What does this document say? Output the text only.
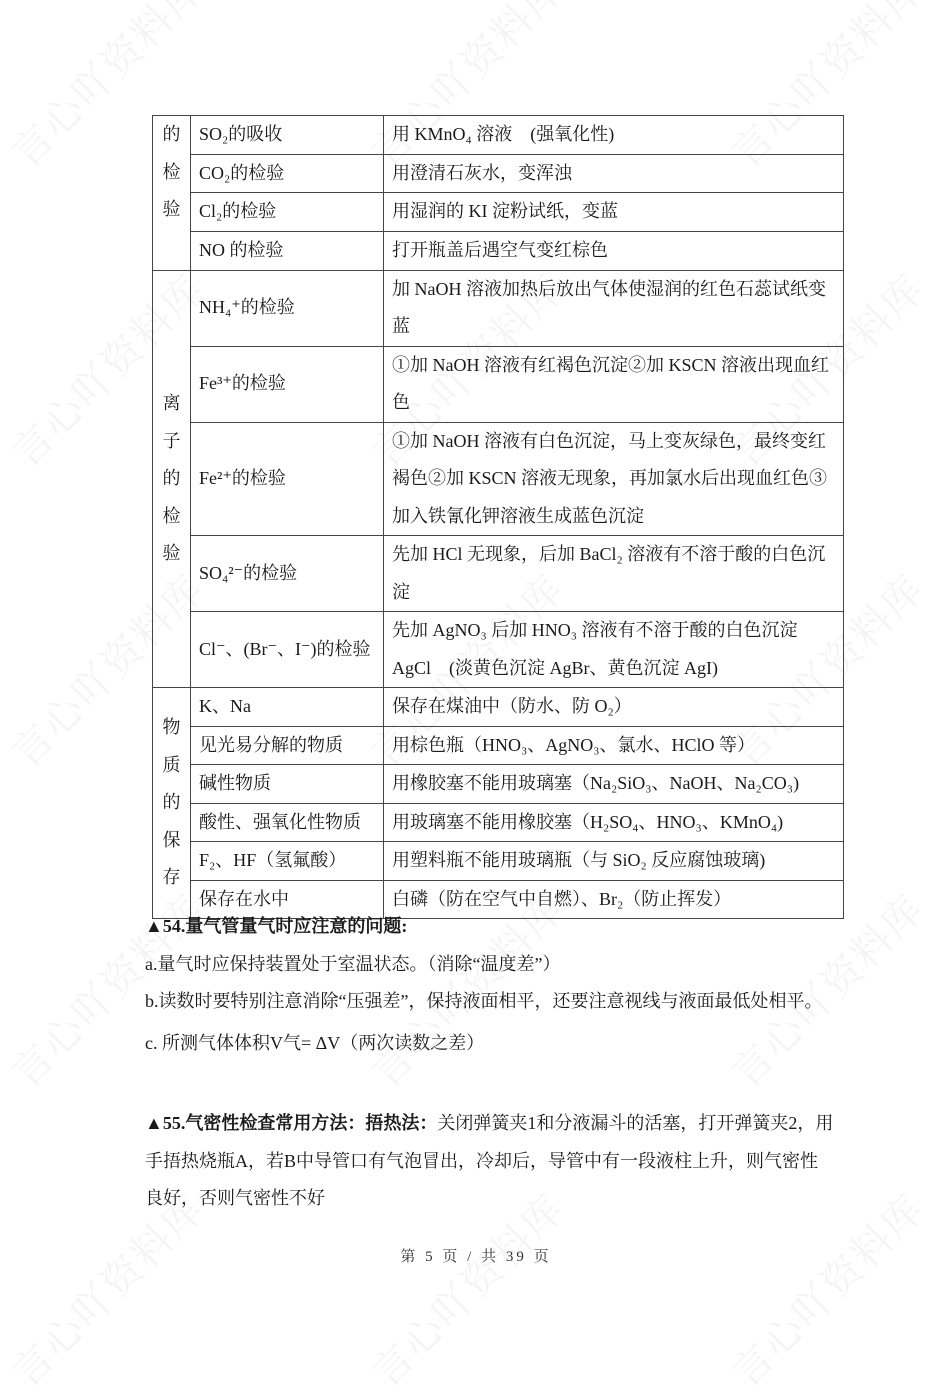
的
检
验	SO₂的吸收	用 KMnO₄ 溶液　(强氧化性)
	CO₂的检验	用澄清石灰水，变浑浊
	Cl₂的检验	用湿润的 KI 淀粉试纸，变蓝
	NO 的检验	打开瓶盖后遇空气变红棕色

离
子
的
检
验	NH₄⁺的检验	加 NaOH 溶液加热后放出气体使湿润的红色石蕊试纸变蓝
	Fe³⁺的检验	①加 NaOH 溶液有红褐色沉淀②加 KSCN 溶液出现血红色
	Fe²⁺的检验	①加 NaOH 溶液有白色沉淀，马上变灰绿色，最终变红褐色②加 KSCN 溶液无现象，再加氯水后出现血红色③加入铁氰化钾溶液生成蓝色沉淀
	SO₄²⁻的检验	先加 HCl 无现象，后加 BaCl₂ 溶液有不溶于酸的白色沉淀
	Cl⁻、(Br⁻、I⁻)的检验	先加 AgNO₃ 后加 HNO₃ 溶液有不溶于酸的白色沉淀 AgCl　(淡黄色沉淀 AgBr、黄色沉淀 AgI)

物
质
的
保
存	K、Na	保存在煤油中（防水、防 O₂）
	见光易分解的物质	用棕色瓶（HNO₃、AgNO₃、氯水、HClO 等）
	碱性物质	用橡胶塞不能用玻璃塞（Na₂SiO₃、NaOH、Na₂CO₃)
	酸性、强氧化性物质	用玻璃塞不能用橡胶塞（H₂SO₄、HNO₃、KMnO₄)
	F₂、HF（氢氟酸）	用塑料瓶不能用玻璃瓶（与 SiO₂ 反应腐蚀玻璃)
	保存在水中	白磷（防在空气中自燃）、Br₂（防止挥发）
▲54.量气管量气时应注意的问题:
a.量气时应保持装置处于室温状态。（消除“温度差”）
b.读数时要特别注意消除“压强差”，保持液面相平，还要注意视线与液面最低处相平。
c. 所测气体体积V气= ΔV（两次读数之差）
▲55.气密性检查常用方法：捂热法：关闭弹簧夹1和分液漏斗的活塞，打开弹簧夹2，用手捂热烧瓶A，若B中导管口有气泡冒出，冷却后，导管中有一段液柱上升，则气密性良好，否则气密性不好
第 5 页 / 共 39 页
